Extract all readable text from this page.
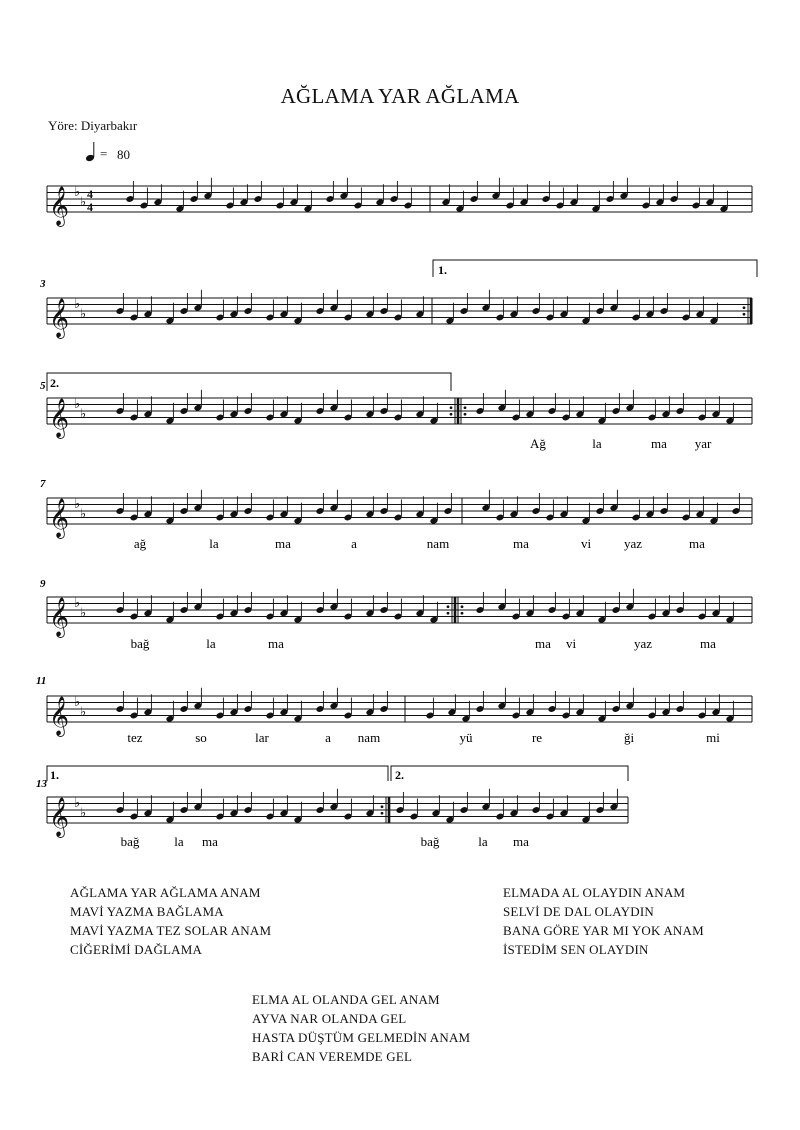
AĞLAMA YAR AĞLAMA
Yöre: Diyarbakır
= 80
𝄞 ♭
♭ 4
4
𝄞 ♭
♭
𝄞 ♭
♭
𝄞 ♭
♭
𝄞 ♭
♭
𝄞 ♭
♭
𝄞 ♭
♭
3
5
7
9
11
13
1.
2.
1.	2.
Ağ	la	ma yar
ağ	la	ma	a	nam	ma	vi	yaz	ma
bağ	la	ma	ma vi	yaz	ma
tez	so	lar	a nam	yü	re	ği	mi
bağ	la ma	bağ	la ma
AĞLAMA YAR AĞLAMA ANAM
MAVİ YAZMA BAĞLAMA
MAVİ YAZMA TEZ SOLAR ANAM
CİĞERİMİ DAĞLAMA
ELMADA AL OLAYDIN ANAM
SELVİ DE DAL OLAYDIN
BANA GÖRE YAR MI YOK ANAM
İSTEDİM SEN OLAYDIN
ELMA AL OLANDA GEL ANAM
AYVA NAR OLANDA GEL
HASTA DÜŞTÜM GELMEDİN ANAM
BARİ CAN VEREMDE GEL
